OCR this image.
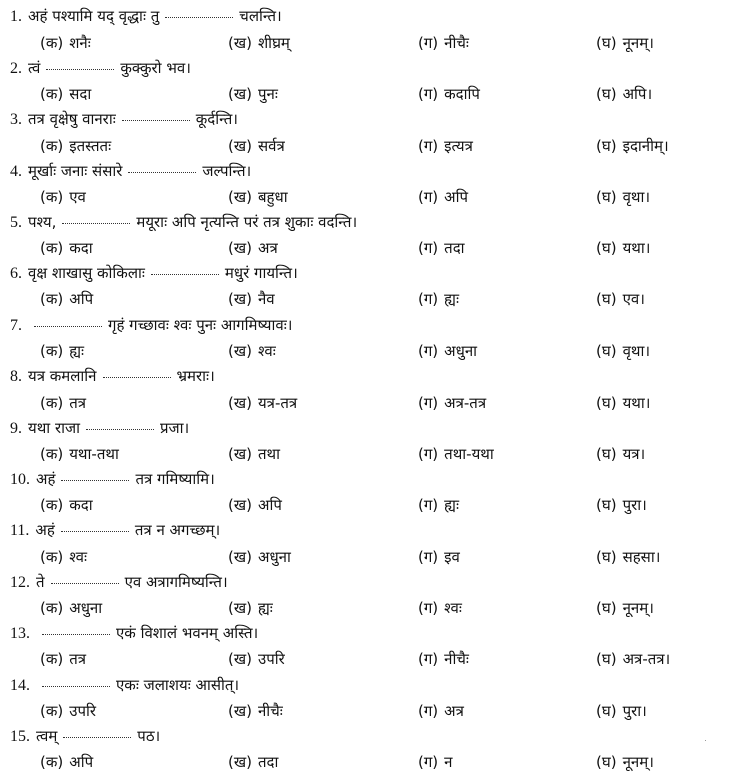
1. अहं पश्यामि यद् वृद्धाः तु	चलन्ति।
(क) शनैः	(ख) शीघ्रम्	(ग) नीचैः	(घ) नूनम्।
2. त्वं	कुक्कुरो भव।
(क) सदा	(ख) पुनः	(ग) कदापि	(घ) अपि।
3. तत्र वृक्षेषु वानराः	कूर्दन्ति।
(क) इतस्ततः	(ख) सर्वत्र	(ग) इत्यत्र	(घ) इदानीम्।
4. मूर्खाः जनाः संसारे	जल्पन्ति।
(क) एव	(ख) बहुधा	(ग) अपि	(घ) वृथा।
5. पश्य,	मयूराः अपि नृत्यन्ति परं तत्र शुकाः वदन्ति।
(क) कदा	(ख) अत्र	(ग) तदा	(घ) यथा।
6. वृक्ष शाखासु कोकिलाः	मधुरं गायन्ति।
(क) अपि	(ख) नैव	(ग) ह्यः	(घ) एव।
7.	गृहं गच्छावः श्वः पुनः आगमिष्यावः।
(क) ह्यः	(ख) श्वः	(ग) अधुना	(घ) वृथा।
8. यत्र कमलानि	भ्रमराः।
(क) तत्र	(ख) यत्र-तत्र	(ग) अत्र-तत्र	(घ) यथा।
9. यथा राजा	प्रजा।
(क) यथा-तथा	(ख) तथा	(ग) तथा-यथा	(घ) यत्र।
10. अहं	तत्र गमिष्यामि।
(क) कदा	(ख) अपि	(ग) ह्यः	(घ) पुरा।
11. अहं	तत्र न अगच्छम्।
(क) श्वः	(ख) अधुना	(ग) इव	(घ) सहसा।
12. ते	एव अत्रागमिष्यन्ति।
(क) अधुना	(ख) ह्यः	(ग) श्वः	(घ) नूनम्।
13.	एकं विशालं भवनम् अस्ति।
(क) तत्र	(ख) उपरि	(ग) नीचैः	(घ) अत्र-तत्र।
14.	एकः जलाशयः आसीत्।
(क) उपरि	(ख) नीचैः	(ग) अत्र	(घ) पुरा।
15. त्वम्	पठ।
(क) अपि	(ख) तदा	(ग) न	(घ) नूनम्।
